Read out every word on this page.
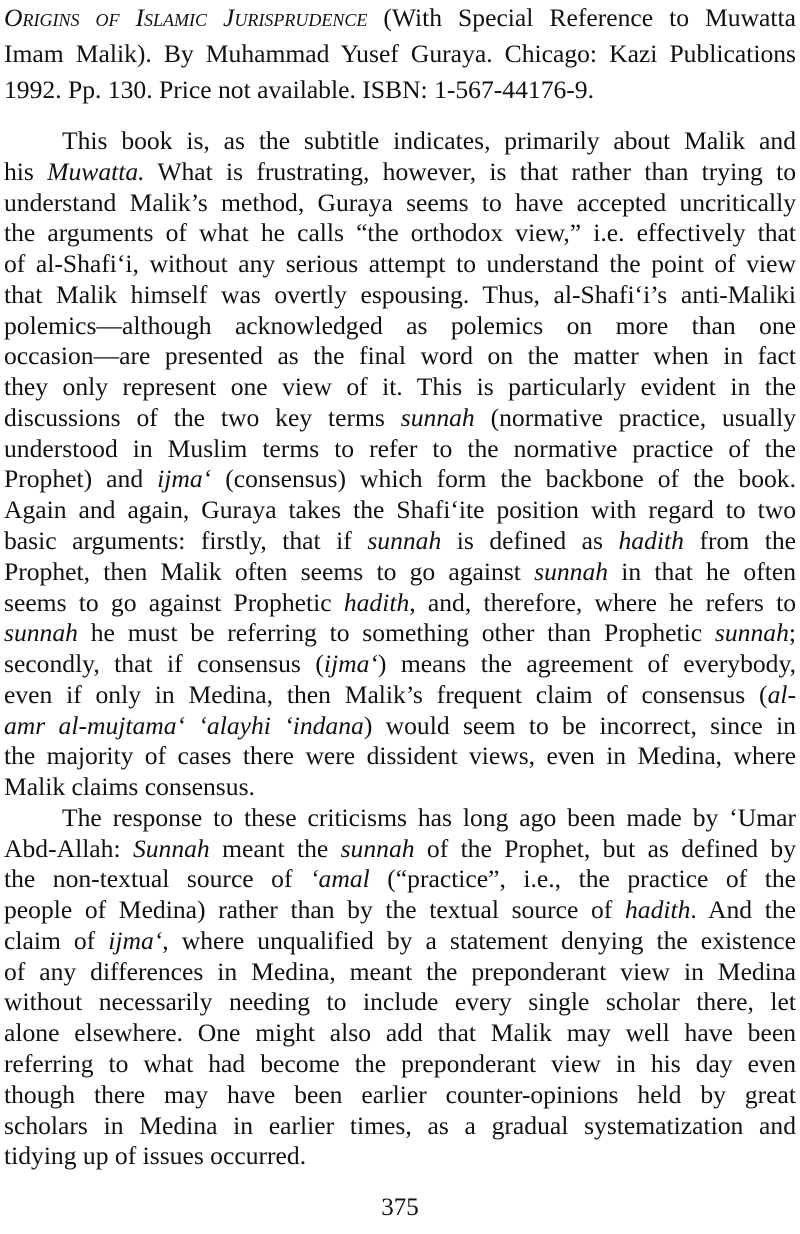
Origins of Islamic Jurisprudence (With Special Reference to Muwatta
Imam Malik). By Muhammad Yusef Guraya. Chicago: Kazi Publications
1992. Pp. 130. Price not available. ISBN: 1-567-44176-9.
This book is, as the subtitle indicates, primarily about Malik and
his Muwatta. What is frustrating, however, is that rather than trying to
understand Malik’s method, Guraya seems to have accepted uncritically
the arguments of what he calls “the orthodox view,” i.e. effectively that
of al-Shafi‘i, without any serious attempt to understand the point of view
that Malik himself was overtly espousing. Thus, al-Shafi‘i’s anti-Maliki
polemics—although acknowledged as polemics on more than one
occasion—are presented as the final word on the matter when in fact
they only represent one view of it. This is particularly evident in the
discussions of the two key terms sunnah (normative practice, usually
understood in Muslim terms to refer to the normative practice of the
Prophet) and ijma‘ (consensus) which form the backbone of the book.
Again and again, Guraya takes the Shafi‘ite position with regard to two
basic arguments: firstly, that if sunnah is defined as hadith from the
Prophet, then Malik often seems to go against sunnah in that he often
seems to go against Prophetic hadith, and, therefore, where he refers to
sunnah he must be referring to something other than Prophetic sunnah;
secondly, that if consensus (ijma‘) means the agreement of everybody,
even if only in Medina, then Malik’s frequent claim of consensus (al-
amr al-mujtama‘ ‘alayhi ‘indana) would seem to be incorrect, since in
the majority of cases there were dissident views, even in Medina, where
Malik claims consensus.
The response to these criticisms has long ago been made by ‘Umar
Abd-Allah: Sunnah meant the sunnah of the Prophet, but as defined by
the non-textual source of ‘amal (“practice”, i.e., the practice of the
people of Medina) rather than by the textual source of hadith. And the
claim of ijma‘, where unqualified by a statement denying the existence
of any differences in Medina, meant the preponderant view in Medina
without necessarily needing to include every single scholar there, let
alone elsewhere. One might also add that Malik may well have been
referring to what had become the preponderant view in his day even
though there may have been earlier counter-opinions held by great
scholars in Medina in earlier times, as a gradual systematization and
tidying up of issues occurred.
375
